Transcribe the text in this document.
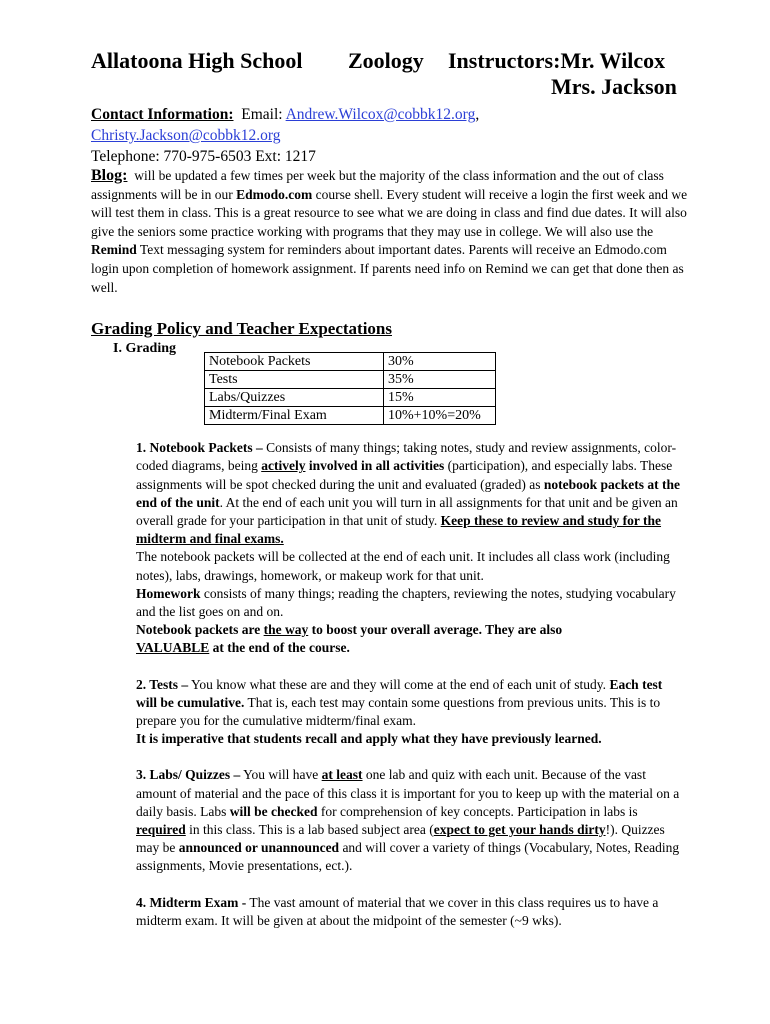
Allatoona High School Zoology Instructors:Mr. Wilcox
Mrs. Jackson
Contact Information: Email: Andrew.Wilcox@cobbk12.org,
Christy.Jackson@cobbk12.org
Telephone: 770-975-6503 Ext: 1217
Blog: will be updated a few times per week but the majority of the class information and the out of class assignments will be in our Edmodo.com course shell. Every student will receive a login the first week and we will test them in class. This is a great resource to see what we are doing in class and find due dates. It will also give the seniors some practice working with programs that they may use in college. We will also use the Remind Text messaging system for reminders about important dates. Parents will receive an Edmodo.com login upon completion of homework assignment. If parents need info on Remind we can get that done then as well.
Grading Policy and Teacher Expectations
I. Grading
Notebook Packets	30%
Tests	35%
Labs/Quizzes	15%
Midterm/Final Exam	10%+10%=20%

1. Notebook Packets – Consists of many things; taking notes, study and review assignments, color-coded diagrams, being actively involved in all activities (participation), and especially labs. These assignments will be spot checked during the unit and evaluated (graded) as notebook packets at the end of the unit. At the end of each unit you will turn in all assignments for that unit and be given an overall grade for your participation in that unit of study. Keep these to review and study for the midterm and final exams.

The notebook packets will be collected at the end of each unit. It includes all class work (including notes), labs, drawings, homework, or makeup work for that unit.

Homework consists of many things; reading the chapters, reviewing the notes, studying vocabulary and the list goes on and on.

Notebook packets are the way to boost your overall average. They are also
VALUABLE at the end of the course.

2. Tests – You know what these are and they will come at the end of each unit of study. Each test will be cumulative. That is, each test may contain some questions from previous units. This is to prepare you for the cumulative midterm/final exam.

It is imperative that students recall and apply what they have previously learned.

3. Labs/ Quizzes – You will have at least one lab and quiz with each unit. Because of the vast amount of material and the pace of this class it is important for you to keep up with the material on a daily basis. Labs will be checked for comprehension of key concepts. Participation in labs is required in this class. This is a lab based subject area (expect to get your hands dirty!). Quizzes may be announced or unannounced and will cover a variety of things (Vocabulary, Notes, Reading assignments, Movie presentations, ect.).

4. Midterm Exam - The vast amount of material that we cover in this class requires us to have a midterm exam. It will be given at about the midpoint of the semester (~9 wks).
